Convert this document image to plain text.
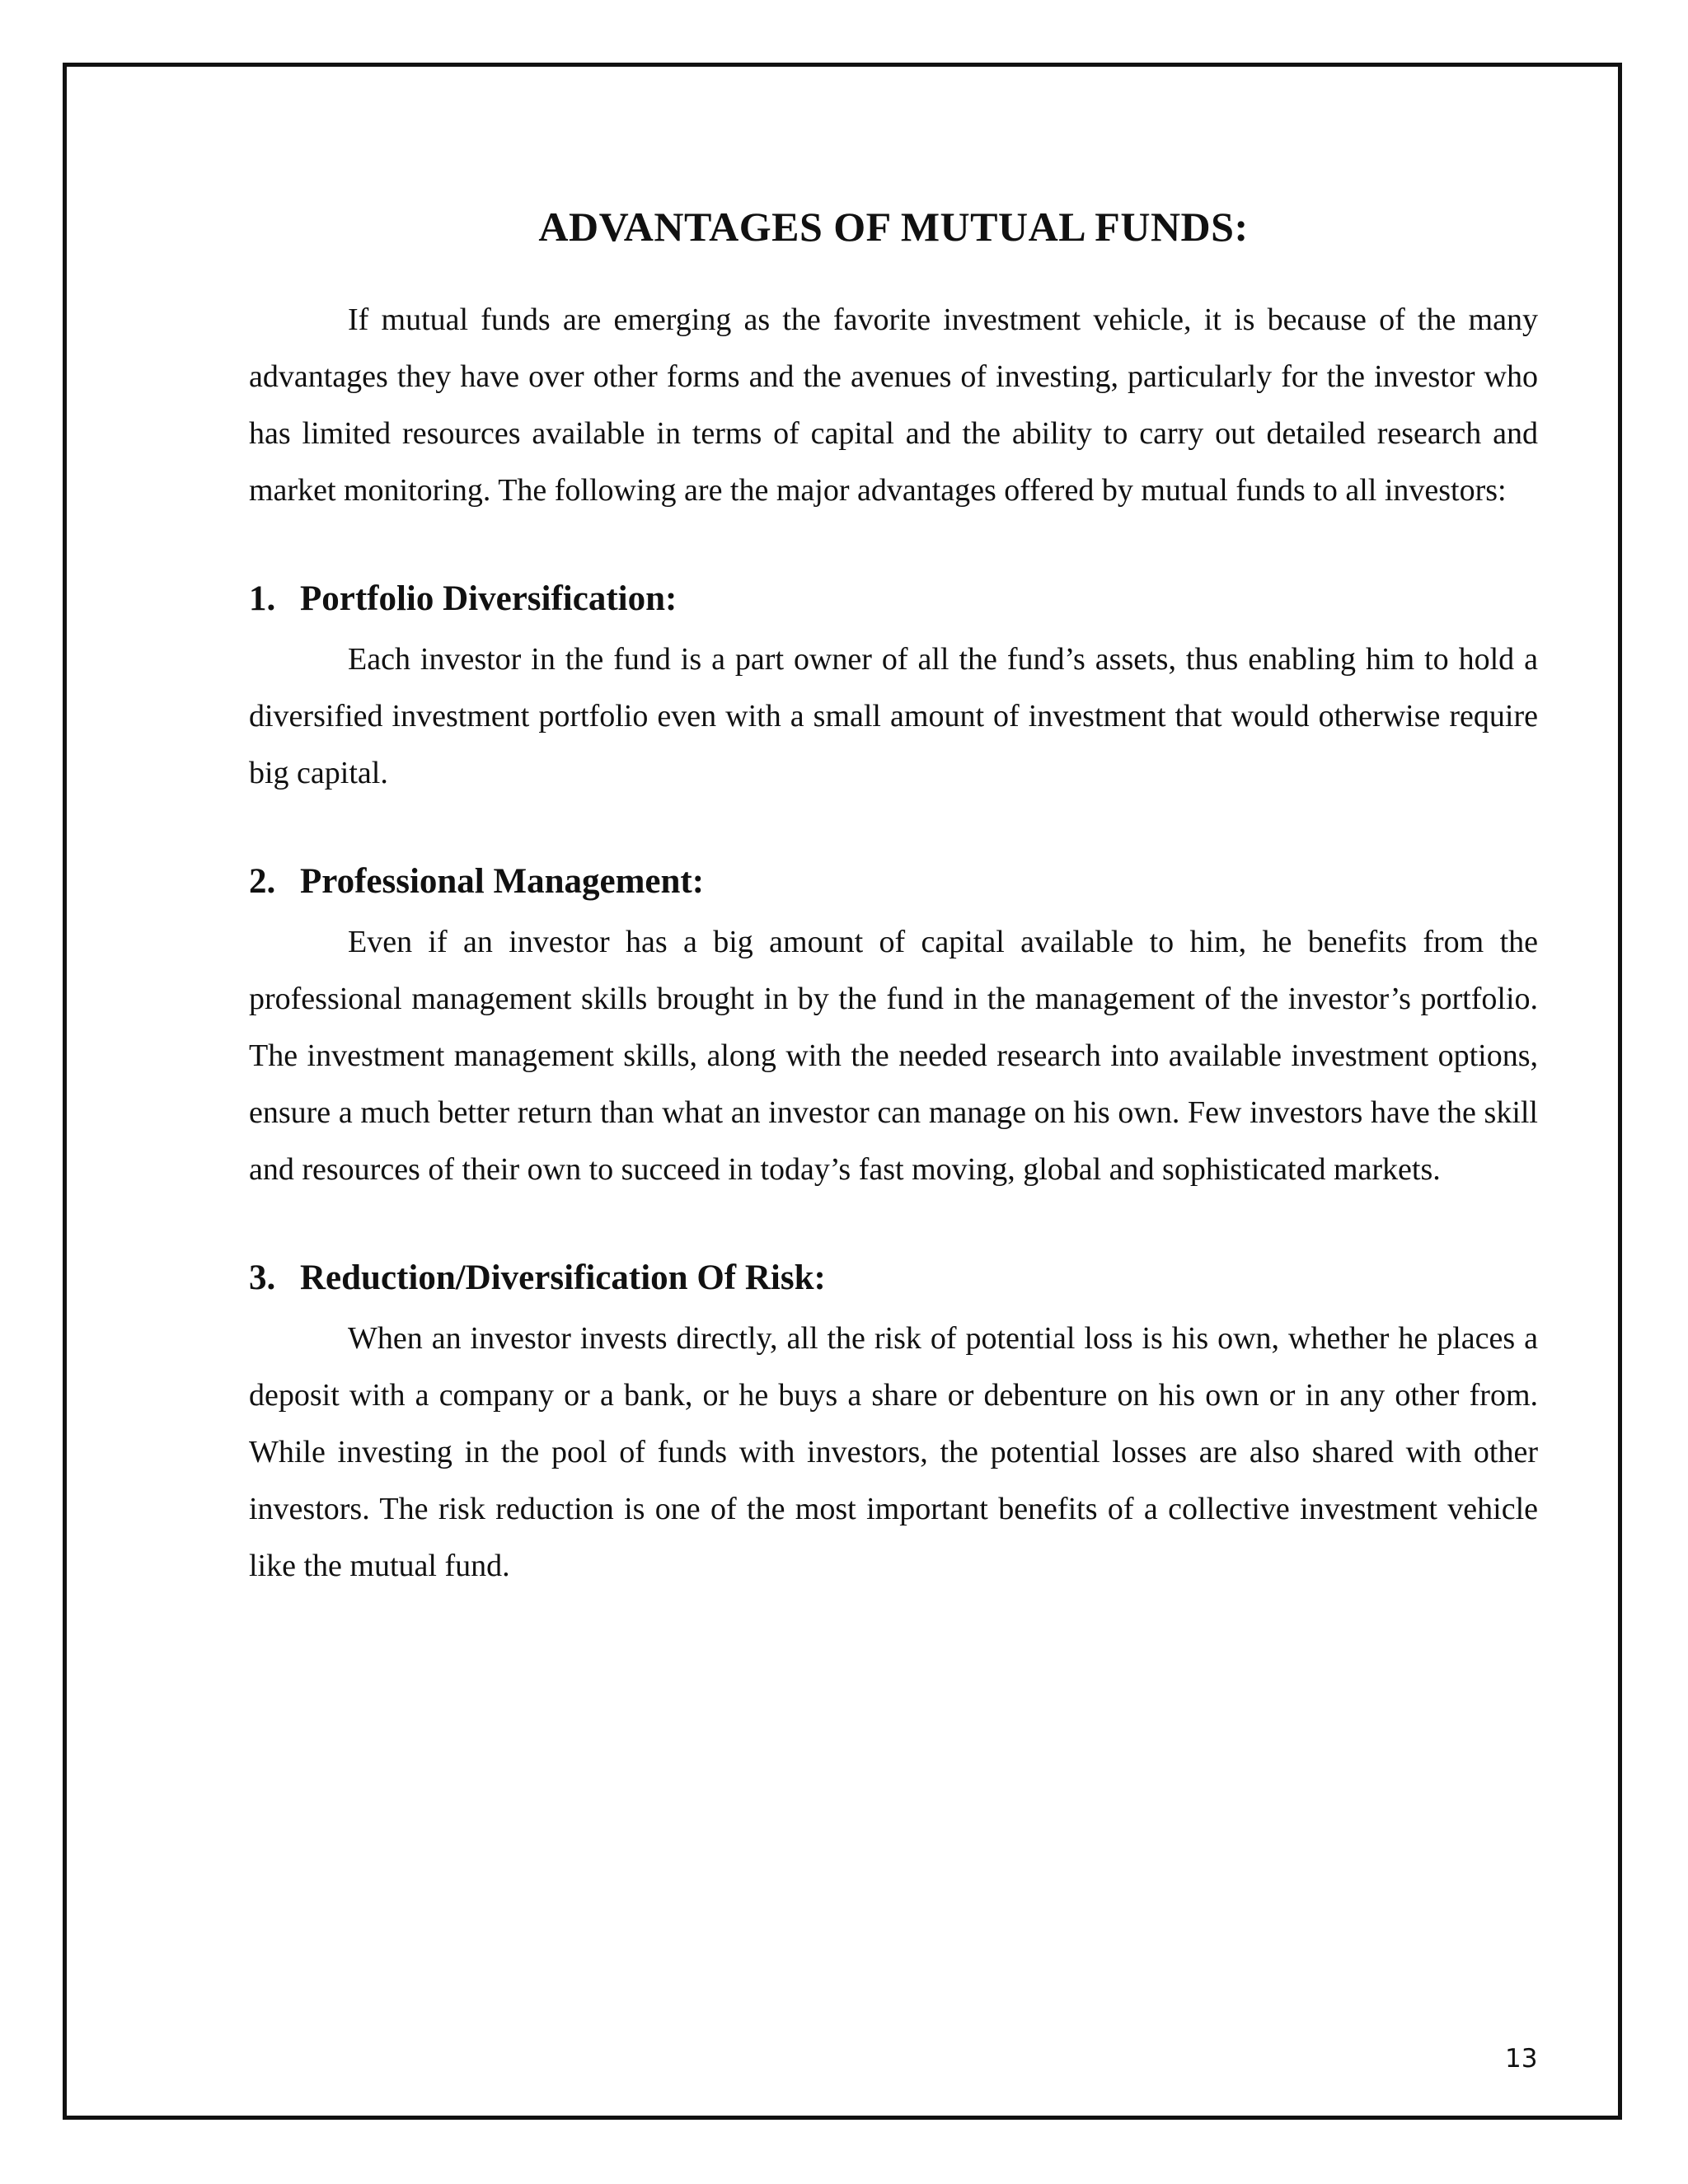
ADVANTAGES OF MUTUAL FUNDS:

If mutual funds are emerging as the favorite investment vehicle, it is because of the many advantages they have over other forms and the avenues of investing, particularly for the investor who has limited resources available in terms of capital and the ability to carry out detailed research and market monitoring. The following are the major advantages offered by mutual funds to all investors:

1. Portfolio Diversification:

Each investor in the fund is a part owner of all the fund’s assets, thus enabling him to hold a diversified investment portfolio even with a small amount of investment that would otherwise require big capital.

2. Professional Management:

Even if an investor has a big amount of capital available to him, he benefits from the professional management skills brought in by the fund in the management of the investor’s portfolio. The investment management skills, along with the needed research into available investment options, ensure a much better return than what an investor can manage on his own. Few investors have the skill and resources of their own to succeed in today’s fast moving, global and sophisticated markets.

3. Reduction/Diversification Of Risk:

When an investor invests directly, all the risk of potential loss is his own, whether he places a deposit with a company or a bank, or he buys a share or debenture on his own or in any other from. While investing in the pool of funds with investors, the potential losses are also shared with other investors. The risk reduction is one of the most important benefits of a collective investment vehicle like the mutual fund.

13
